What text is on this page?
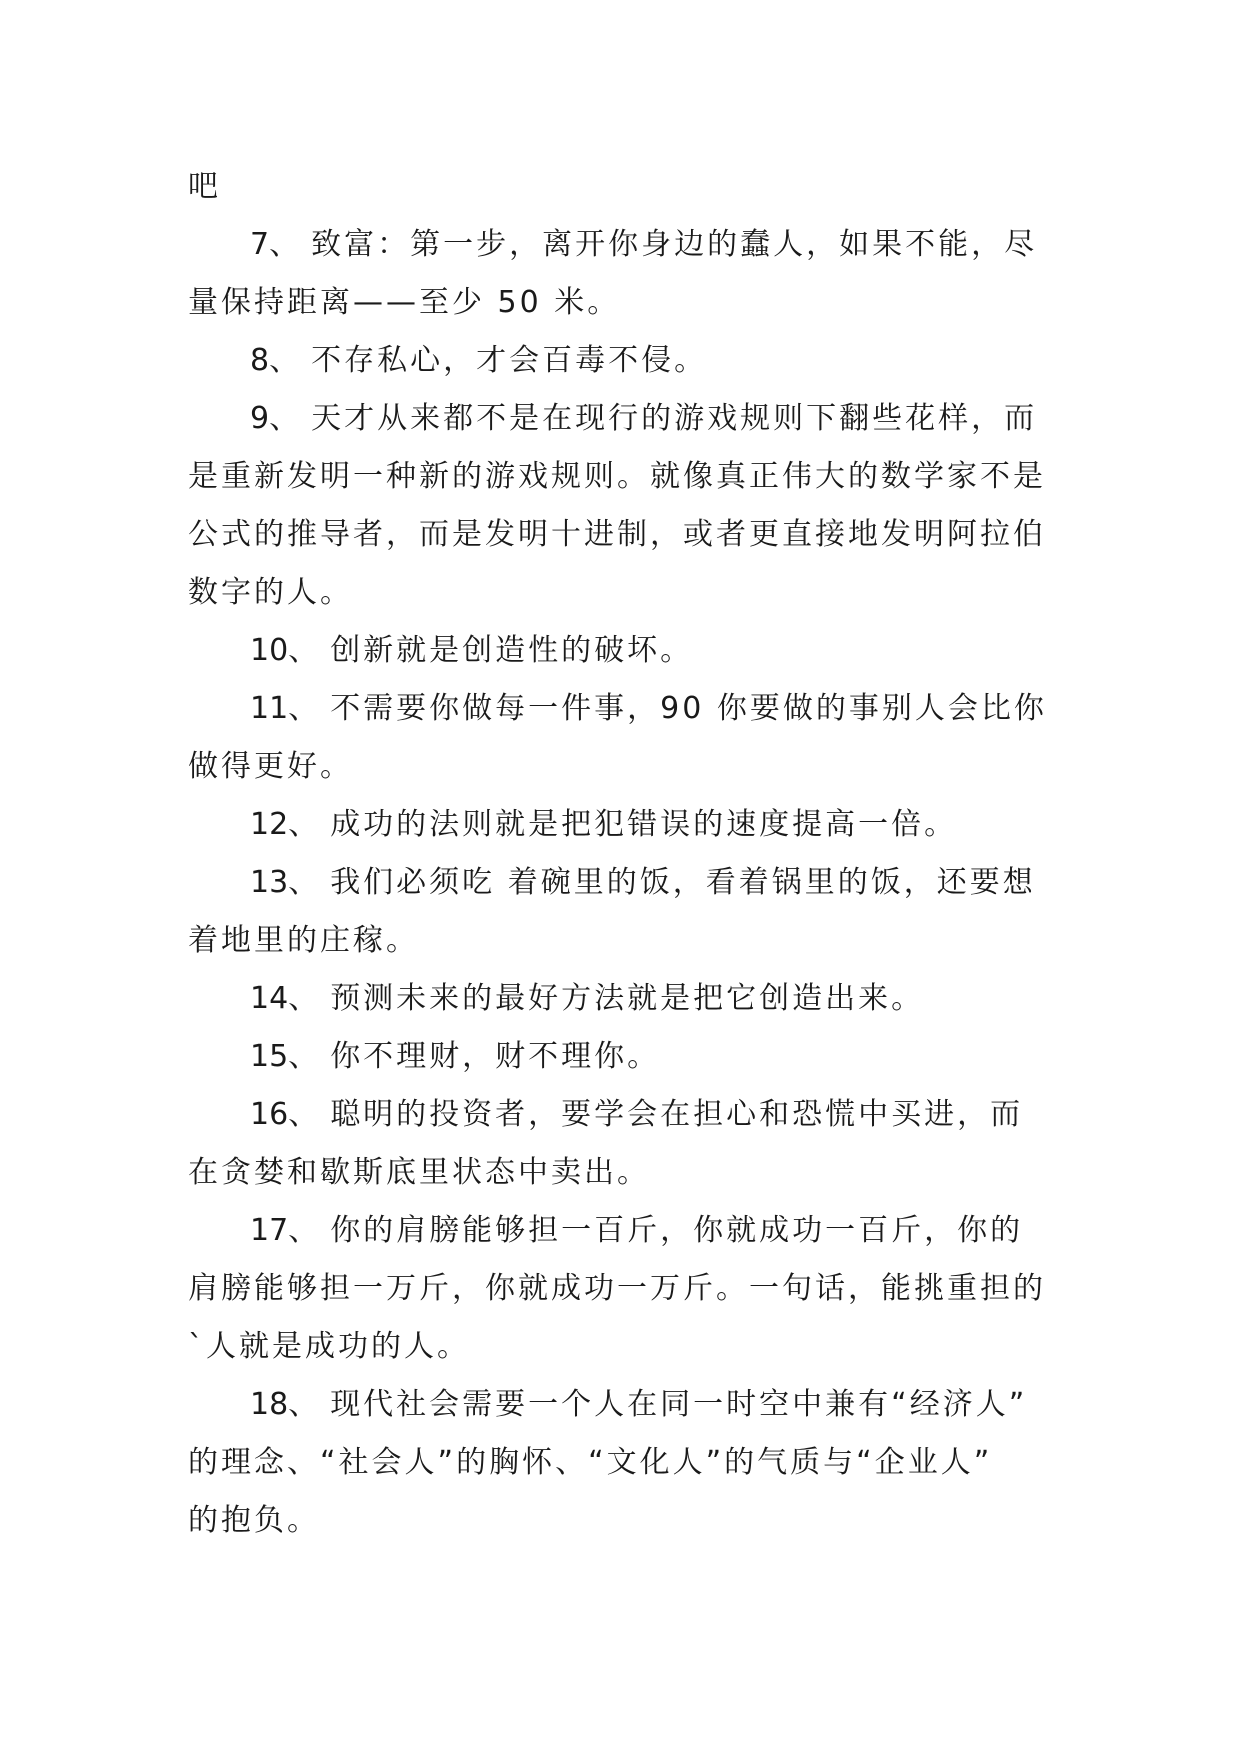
吧
7、 致富：第一步，离开你身边的蠢人，如果不能，尽
量保持距离——至少 50 米。
8、 不存私心，才会百毒不侵。
9、 天才从来都不是在现行的游戏规则下翻些花样，而
是重新发明一种新的游戏规则。就像真正伟大的数学家不是
公式的推导者，而是发明十进制，或者更直接地发明阿拉伯
数字的人。
10、 创新就是创造性的破坏。
11、 不需要你做每一件事，90 你要做的事别人会比你
做得更好。
12、 成功的法则就是把犯错误的速度提高一倍。
13、 我们必须吃 着碗里的饭，看着锅里的饭，还要想
着地里的庄稼。
14、 预测未来的最好方法就是把它创造出来。
15、 你不理财，财不理你。
16、 聪明的投资者，要学会在担心和恐慌中买进，而
在贪婪和歇斯底里状态中卖出。
17、 你的肩膀能够担一百斤，你就成功一百斤，你的
肩膀能够担一万斤，你就成功一万斤。一句话，能挑重担的
`人就是成功的人。
18、 现代社会需要一个人在同一时空中兼有“经济人”
的理念、“社会人”的胸怀、“文化人”的气质与“企业人”
的抱负。
